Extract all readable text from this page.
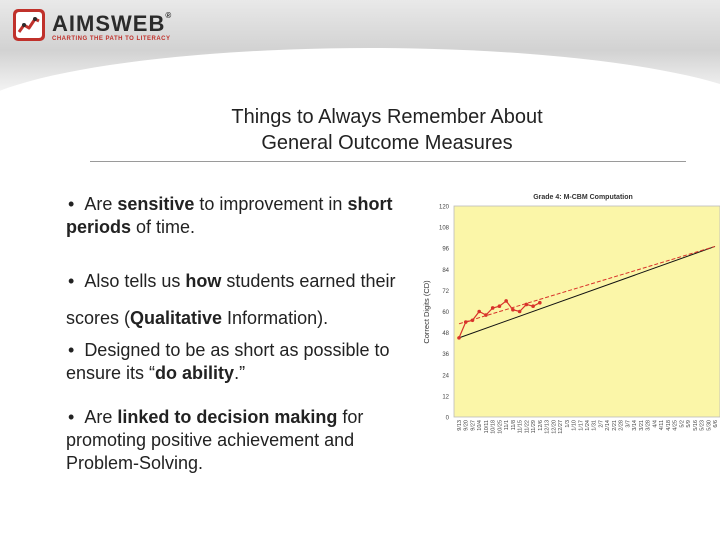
AIMSWEB®
CHARTING THE PATH TO LITERACY
Things to Always Remember About
General Outcome Measures
• Are sensitive to improvement in short periods of time.
• Also tells us how students earned their scores (Qualitative Information).
• Designed to be as short as possible to ensure its “do ability.”
• Are linked to decision making for promoting positive achievement and Problem-Solving.
Grade 4: M-CBM Computation
Correct Digits (CD)
0
12
24
36
48
60
72
84
96
108
120
9/13 9/20 9/27 10/4 10/11 10/18 10/25 11/1 11/8 11/15 11/22 11/29 12/6 12/13 12/20 12/27 1/3 1/10 1/17 1/24 1/31 2/7 2/14 2/21 2/28 3/7 3/14 3/21 3/28 4/4 4/11 4/18 4/25 5/2 5/9 5/16 5/23 5/30 6/6
